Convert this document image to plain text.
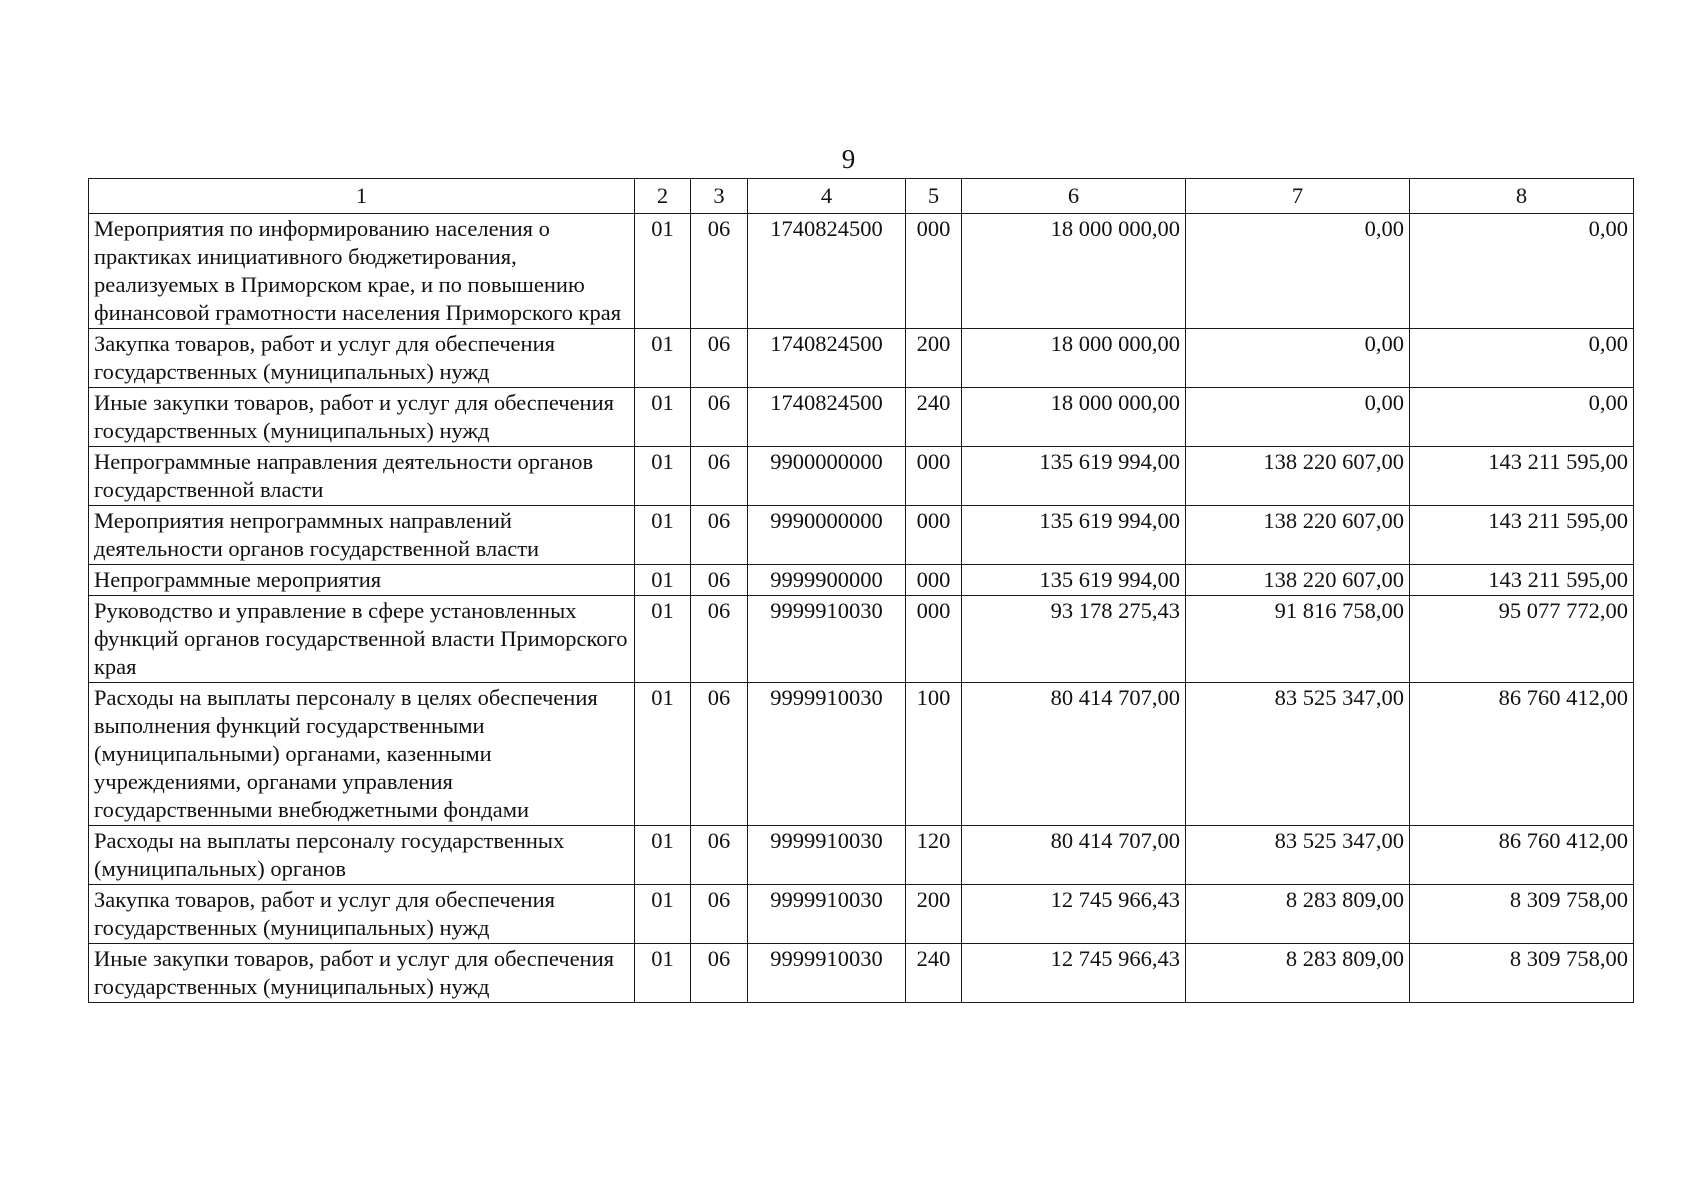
9
1	2	3	4	5	6	7	8
Мероприятия по информированию населения о практиках инициативного бюджетирования, реализуемых в Приморском крае, и по повышению финансовой грамотности населения Приморского края	01	06	1740824500	000	18 000 000,00	0,00	0,00
Закупка товаров, работ и услуг для обеспечения государственных (муниципальных) нужд	01	06	1740824500	200	18 000 000,00	0,00	0,00
Иные закупки товаров, работ и услуг для обеспечения государственных (муниципальных) нужд	01	06	1740824500	240	18 000 000,00	0,00	0,00
Непрограммные направления деятельности органов государственной власти	01	06	9900000000	000	135 619 994,00	138 220 607,00	143 211 595,00
Мероприятия непрограммных направлений деятельности органов государственной власти	01	06	9990000000	000	135 619 994,00	138 220 607,00	143 211 595,00
Непрограммные мероприятия	01	06	9999900000	000	135 619 994,00	138 220 607,00	143 211 595,00
Руководство и управление в сфере установленных функций органов государственной власти Приморского края	01	06	9999910030	000	93 178 275,43	91 816 758,00	95 077 772,00
Расходы на выплаты персоналу в целях обеспечения выполнения функций государственными (муниципальными) органами, казенными учреждениями, органами управления государственными внебюджетными фондами	01	06	9999910030	100	80 414 707,00	83 525 347,00	86 760 412,00
Расходы на выплаты персоналу государственных (муниципальных) органов	01	06	9999910030	120	80 414 707,00	83 525 347,00	86 760 412,00
Закупка товаров, работ и услуг для обеспечения государственных (муниципальных) нужд	01	06	9999910030	200	12 745 966,43	8 283 809,00	8 309 758,00
Иные закупки товаров, работ и услуг для обеспечения государственных (муниципальных) нужд	01	06	9999910030	240	12 745 966,43	8 283 809,00	8 309 758,00
